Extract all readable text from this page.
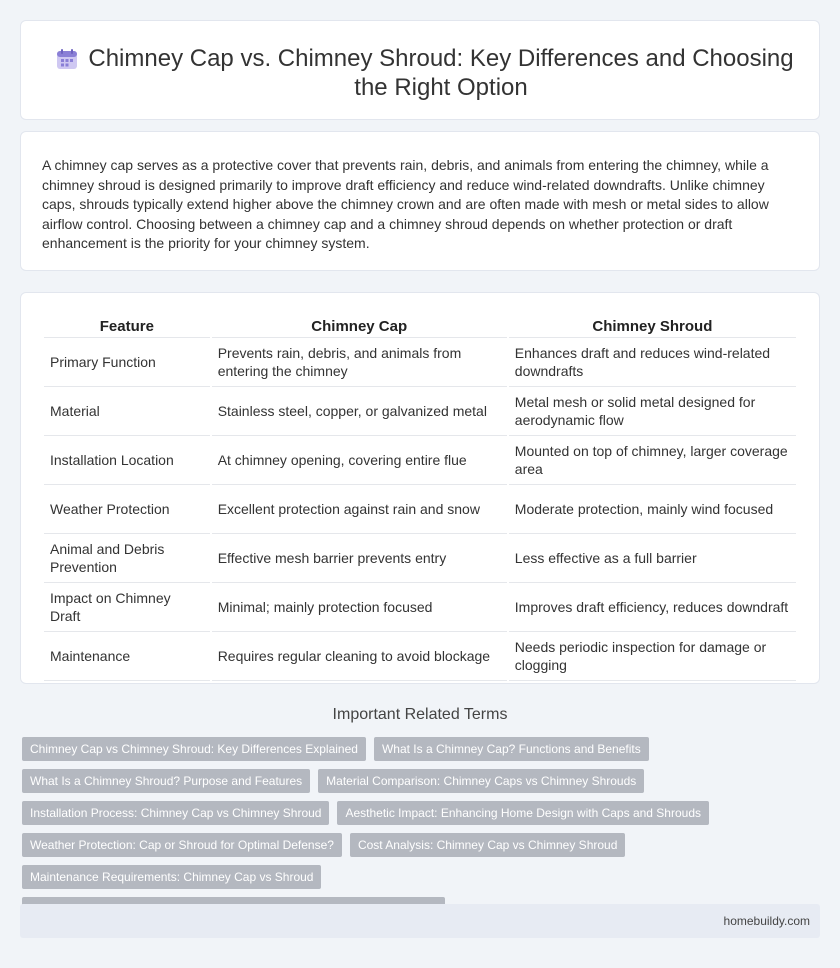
Chimney Cap vs. Chimney Shroud: Key Differences and Choosing the Right Option

A chimney cap serves as a protective cover that prevents rain, debris, and animals from entering the chimney, while a chimney shroud is designed primarily to improve draft efficiency and reduce wind-related downdrafts. Unlike chimney caps, shrouds typically extend higher above the chimney crown and are often made with mesh or metal sides to allow airflow control. Choosing between a chimney cap and a chimney shroud depends on whether protection or draft enhancement is the priority for your chimney system.

Feature	Chimney Cap	Chimney Shroud
Primary Function	Prevents rain, debris, and animals from entering the chimney	Enhances draft and reduces wind-related downdrafts
Material	Stainless steel, copper, or galvanized metal	Metal mesh or solid metal designed for aerodynamic flow
Installation Location	At chimney opening, covering entire flue	Mounted on top of chimney, larger coverage area
Weather Protection	Excellent protection against rain and snow	Moderate protection, mainly wind focused
Animal and Debris Prevention	Effective mesh barrier prevents entry	Less effective as a full barrier
Impact on Chimney Draft	Minimal; mainly protection focused	Improves draft efficiency, reduces downdraft
Maintenance	Requires regular cleaning to avoid blockage	Needs periodic inspection for damage or clogging
Important Related Terms
Chimney Cap vs Chimney Shroud: Key Differences Explained	What Is a Chimney Cap? Functions and Benefits
What Is a Chimney Shroud? Purpose and Features	Material Comparison: Chimney Caps vs Chimney Shrouds
Installation Process: Chimney Cap vs Chimney Shroud	Aesthetic Impact: Enhancing Home Design with Caps and Shrouds
Weather Protection: Cap or Shroud for Optimal Defense?	Cost Analysis: Chimney Cap vs Chimney Shroud
Maintenance Requirements: Chimney Cap vs Shroud
homebuildy.com
